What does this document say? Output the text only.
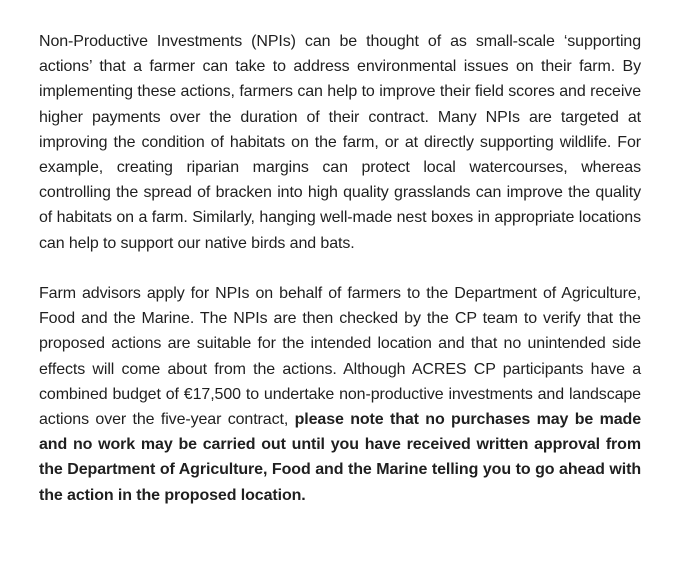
Non-Productive Investments (NPIs) can be thought of as small-scale ‘supporting actions’ that a farmer can take to address environmental issues on their farm. By implementing these actions, farmers can help to improve their field scores and receive higher payments over the duration of their contract. Many NPIs are targeted at improving the condition of habitats on the farm, or at directly supporting wildlife. For example, creating riparian margins can protect local watercourses, whereas controlling the spread of bracken into high quality grasslands can improve the quality of habitats on a farm. Similarly, hanging well-made nest boxes in appropriate locations can help to support our native birds and bats.

Farm advisors apply for NPIs on behalf of farmers to the Department of Agriculture, Food and the Marine. The NPIs are then checked by the CP team to verify that the proposed actions are suitable for the intended location and that no unintended side effects will come about from the actions. Although ACRES CP participants have a combined budget of €17,500 to undertake non-productive investments and landscape actions over the five-year contract, please note that no purchases may be made and no work may be carried out until you have received written approval from the Department of Agriculture, Food and the Marine telling you to go ahead with the action in the proposed location.
